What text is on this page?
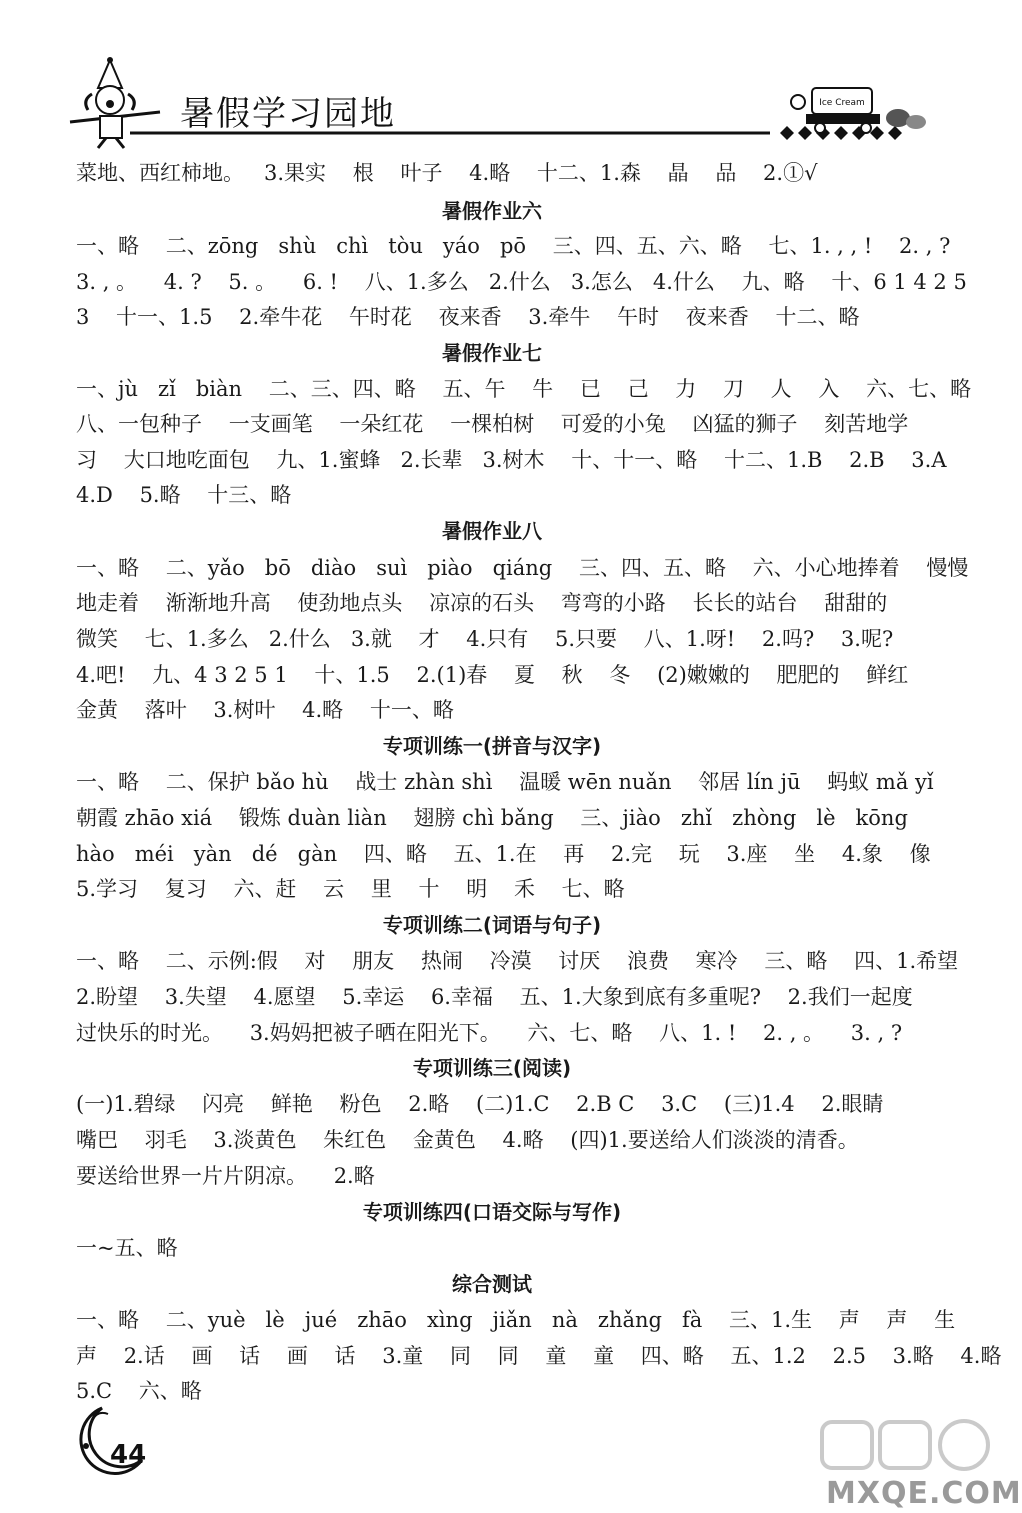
暑假学习园地	Ice Cream
菜地、西红柿地。   3.果实    根    叶子    4.略    十二、1.森    晶    品    2.①√
暑假作业六
一、略    二、zōng   shù   chì   tòu   yáo   pō    三、四、五、六、略    七、1. , , !    2. , ?
3. , 。    4. ?    5. 。    6. !    八、1.多么   2.什么   3.怎么   4.什么    九、略    十、6 1 4 2 5
3    十一、1.5    2.牵牛花    午时花    夜来香    3.牵牛    午时    夜来香    十二、略
暑假作业七
一、jù   zǐ   biàn    二、三、四、略    五、午    牛    已    己    力    刀    人    入    六、七、略
八、一包种子    一支画笔    一朵红花    一棵柏树    可爱的小兔    凶猛的狮子    刻苦地学
习    大口地吃面包    九、1.蜜蜂   2.长辈   3.树木    十、十一、略    十二、1.B    2.B    3.A
4.D    5.略    十三、略
暑假作业八
一、略    二、yǎo   bō   diào   suì   piào   qiáng    三、四、五、略    六、小心地捧着    慢慢
地走着    渐渐地升高    使劲地点头    凉凉的石头    弯弯的小路    长长的站台    甜甜的
微笑    七、1.多么   2.什么   3.就    才    4.只有    5.只要    八、1.呀!    2.吗?    3.呢?
4.吧!    九、4 3 2 5 1    十、1.5    2.(1)春    夏    秋    冬    (2)嫩嫩的    肥肥的    鲜红
金黄    落叶    3.树叶    4.略    十一、略
专项训练一(拼音与汉字)
一、略    二、保护 bǎo hù    战士 zhàn shì    温暖 wēn nuǎn    邻居 lín jū    蚂蚁 mǎ yǐ
朝霞 zhāo xiá    锻炼 duàn liàn    翅膀 chì bǎng    三、jiào   zhǐ   zhòng   lè   kōng
hào   méi   yàn   dé   gàn    四、略    五、1.在    再    2.完    玩    3.座    坐    4.象    像
5.学习    复习    六、赶    云    里    十    明    禾    七、略
专项训练二(词语与句子)
一、略    二、示例:假    对    朋友    热闹    冷漠    讨厌    浪费    寒冷    三、略    四、1.希望
2.盼望    3.失望    4.愿望    5.幸运    6.幸福    五、1.大象到底有多重呢?    2.我们一起度
过快乐的时光。    3.妈妈把被子晒在阳光下。    六、七、略    八、1. !    2. , 。    3. , ?
专项训练三(阅读)
(一)1.碧绿    闪亮    鲜艳    粉色    2.略    (二)1.C    2.B C    3.C    (三)1.4    2.眼睛
嘴巴    羽毛    3.淡黄色    朱红色    金黄色    4.略    (四)1.要送给人们淡淡的清香。
要送给世界一片片阴凉。    2.略
专项训练四(口语交际与写作)
一~五、略
综合测试
一、略    二、yuè   lè   jué   zhāo   xìng   jiǎn   nà   zhǎng   fà    三、1.生    声    声    生
声    2.话    画    话    画    话    3.童    同    同    童    童    四、略    五、1.2    2.5    3.略    4.略
5.C    六、略
44
MXQE.COM
